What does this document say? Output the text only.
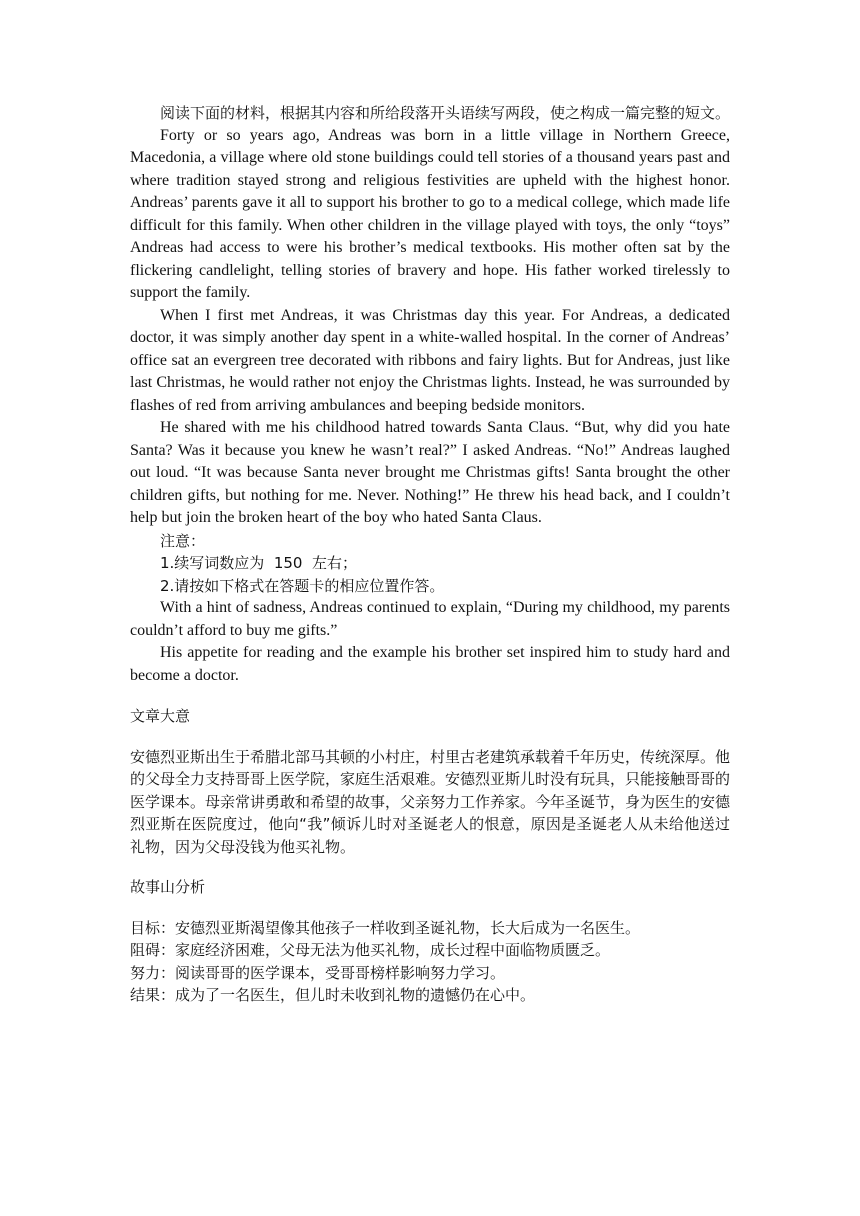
阅读下面的材料，根据其内容和所给段落开头语续写两段，使之构成一篇完整的短文。

Forty or so years ago, Andreas was born in a little village in Northern Greece, Macedonia, a village where old stone buildings could tell stories of a thousand years past and where tradition stayed strong and religious festivities are upheld with the highest honor. Andreas’ parents gave it all to support his brother to go to a medical college, which made life difficult for this family. When other children in the village played with toys, the only “toys” Andreas had access to were his brother’s medical textbooks. His mother often sat by the flickering candlelight, telling stories of bravery and hope. His father worked tirelessly to support the family.

When I first met Andreas, it was Christmas day this year. For Andreas, a dedicated doctor, it was simply another day spent in a white-walled hospital. In the corner of Andreas’ office sat an evergreen tree decorated with ribbons and fairy lights. But for Andreas, just like last Christmas, he would rather not enjoy the Christmas lights. Instead, he was surrounded by flashes of red from arriving ambulances and beeping bedside monitors.

He shared with me his childhood hatred towards Santa Claus. “But, why did you hate Santa? Was it because you knew he wasn’t real?” I asked Andreas. “No!” Andreas laughed out loud. “It was because Santa never brought me Christmas gifts! Santa brought the other children gifts, but nothing for me. Never. Nothing!” He threw his head back, and I couldn’t help but join the broken heart of the boy who hated Santa Claus.

注意：

1.续写词数应为  150  左右；

2.请按如下格式在答题卡的相应位置作答。

With a hint of sadness, Andreas continued to explain, “During my childhood, my parents couldn’t afford to buy me gifts.”

His appetite for reading and the example his brother set inspired him to study hard and become a doctor.

文章大意

安德烈亚斯出生于希腊北部马其顿的小村庄，村里古老建筑承载着千年历史，传统深厚。他的父母全力支持哥哥上医学院，家庭生活艰难。安德烈亚斯儿时没有玩具，只能接触哥哥的医学课本。母亲常讲勇敢和希望的故事，父亲努力工作养家。今年圣诞节，身为医生的安德烈亚斯在医院度过，他向“我”倾诉儿时对圣诞老人的恨意，原因是圣诞老人从未给他送过礼物，因为父母没钱为他买礼物。

故事山分析

目标：安德烈亚斯渴望像其他孩子一样收到圣诞礼物，长大后成为一名医生。

阻碍：家庭经济困难，父母无法为他买礼物，成长过程中面临物质匮乏。

努力：阅读哥哥的医学课本，受哥哥榜样影响努力学习。

结果：成为了一名医生，但儿时未收到礼物的遗憾仍在心中。
